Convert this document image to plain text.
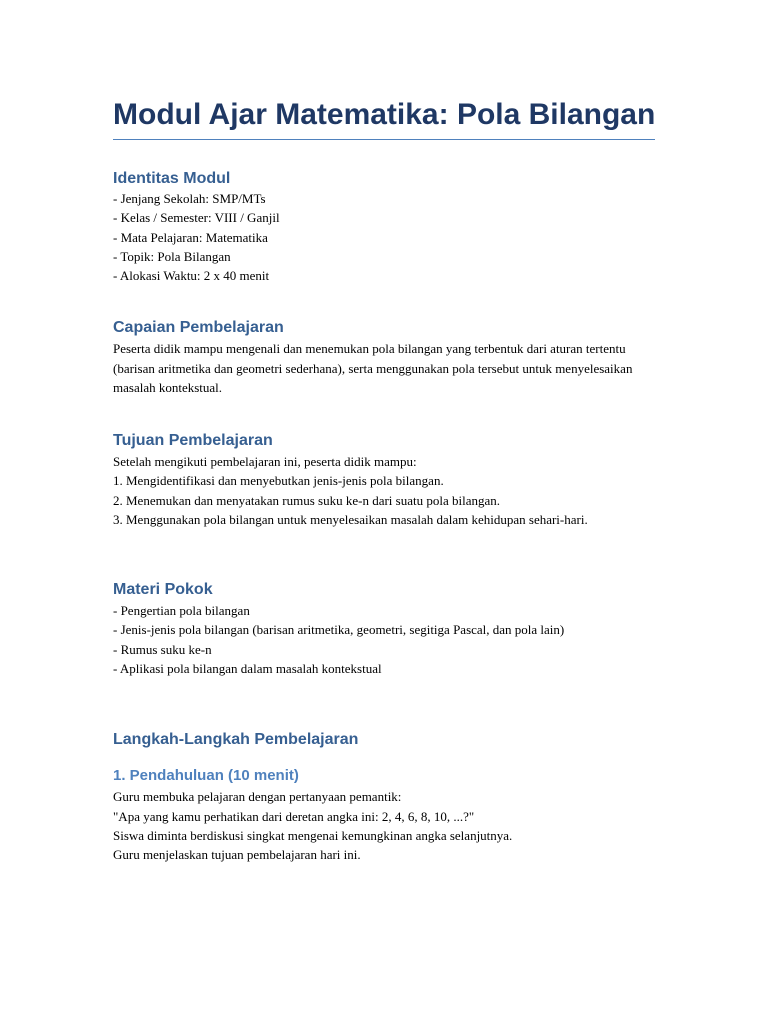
Modul Ajar Matematika: Pola Bilangan
Identitas Modul

- Jenjang Sekolah: SMP/MTs

- Kelas / Semester: VIII / Ganjil

- Mata Pelajaran: Matematika

- Topik: Pola Bilangan

- Alokasi Waktu: 2 x 40 menit

Capaian Pembelajaran

Peserta didik mampu mengenali dan menemukan pola bilangan yang terbentuk dari aturan tertentu (barisan aritmetika dan geometri sederhana), serta menggunakan pola tersebut untuk menyelesaikan masalah kontekstual.

Tujuan Pembelajaran

Setelah mengikuti pembelajaran ini, peserta didik mampu:

1. Mengidentifikasi dan menyebutkan jenis-jenis pola bilangan.

2. Menemukan dan menyatakan rumus suku ke-n dari suatu pola bilangan.

3. Menggunakan pola bilangan untuk menyelesaikan masalah dalam kehidupan sehari-hari.

Materi Pokok

- Pengertian pola bilangan

- Jenis-jenis pola bilangan (barisan aritmetika, geometri, segitiga Pascal, dan pola lain)

- Rumus suku ke-n

- Aplikasi pola bilangan dalam masalah kontekstual

Langkah-Langkah Pembelajaran
1. Pendahuluan (10 menit)

Guru membuka pelajaran dengan pertanyaan pemantik:

"Apa yang kamu perhatikan dari deretan angka ini: 2, 4, 6, 8, 10, ...?"

Siswa diminta berdiskusi singkat mengenai kemungkinan angka selanjutnya.

Guru menjelaskan tujuan pembelajaran hari ini.
